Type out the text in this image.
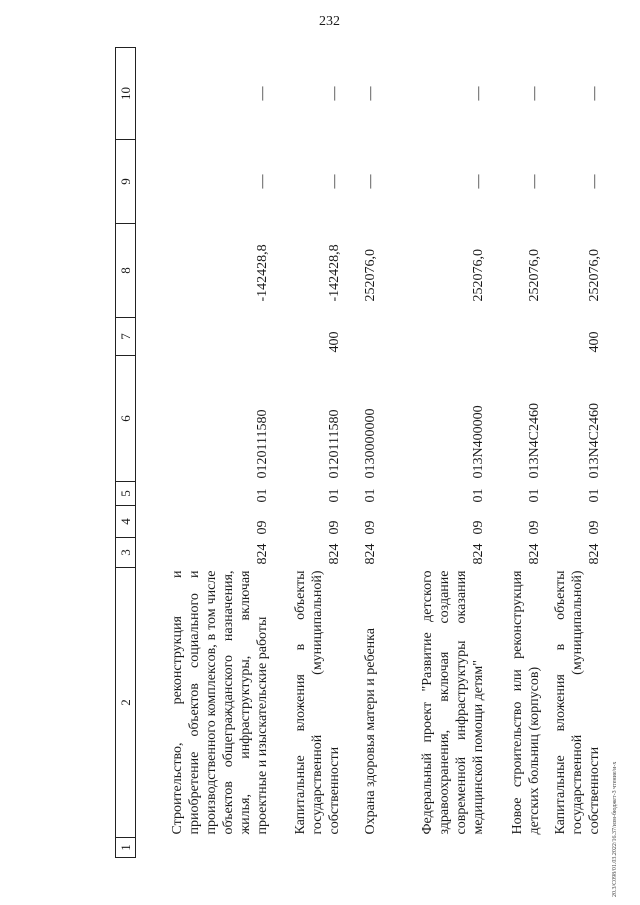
232
1	2	3	4	5	6	7	8	9	10
	Строительство, реконструкция и приобретение объектов социального и производственного комплексов, в том числе объектов общегражданского назначения, жилья, инфраструктуры, включая проектные и изыскательские работы	824	09	01	0120111580		-142428,8	—	—
	Капитальные вложения в объекты государственной (муниципальной) собственности	824	09	01	0120111580	400	-142428,8	—	—
	Охрана здоровья матери и ребенка	824	09	01	0130000000		252076,0	—	—
	Федеральный проект "Развитие детского здравоохранения, включая создание современной инфраструктуры оказания медицинской помощи детям"	824	09	01	013N400000		252076,0	—	—
	Новое строительство или реконструкция детских больниц (корпусов)	824	09	01	013N4C2460		252076,0	—	—
	Капитальные вложения в объекты государственной (муниципальной) собственности	824	09	01	013N4C2460	400	252076,0	—	—
20.3/С098/01.03.2022/16.37/изм-бюджет-3 чтение/и-х
